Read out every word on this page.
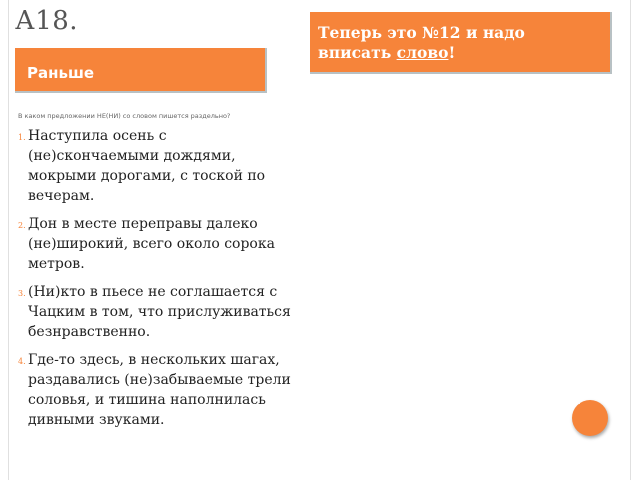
А18.
Раньше
Теперь это №12 и надо вписать слово!
В каком предложении НЕ(НИ) со словом пишется раздельно?
1. Наступила осень с (не)скончаемыми дождями, мокрыми дорогами, с тоской по вечерам.
2. Дон в месте переправы далеко (не)широкий, всего около сорока метров.
3. (Ни)кто в пьесе не соглашается с Чацким в том, что прислуживаться безнравственно.
4. Где-то здесь, в нескольких шагах, раздавались (не)забываемые трели соловья, и тишина наполнилась дивными звуками.
1.
